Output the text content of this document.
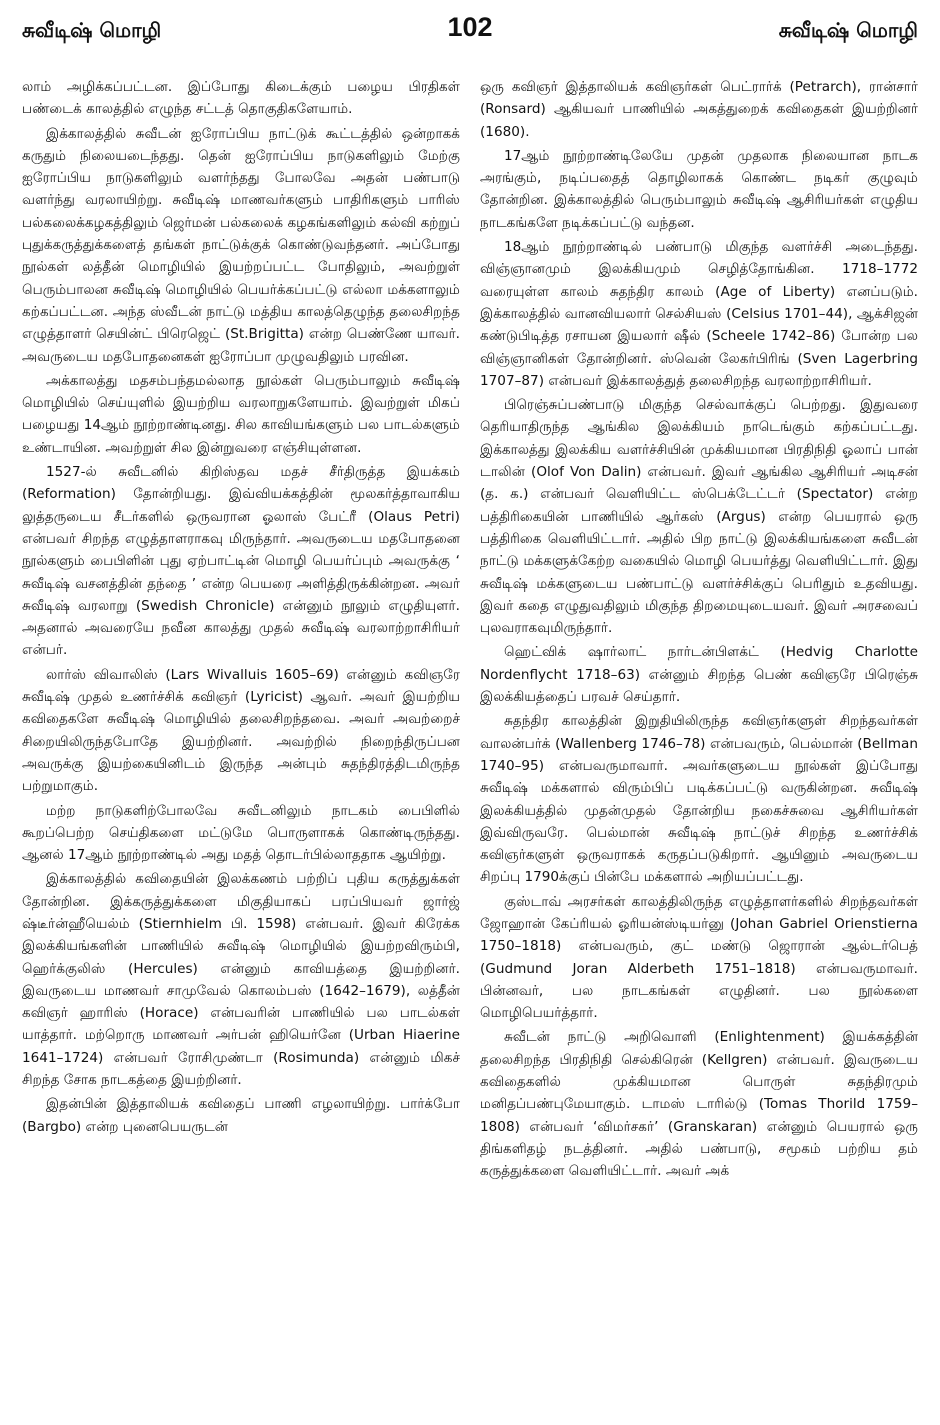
சுவீடிஷ் மொழி	102	சுவீடிஷ் மொழி

லாம் அழிக்கப்பட்டன. இப்போது கிடைக்கும் பழைய பிரதிகள் பண்டைக் காலத்தில் எழுந்த சட்டத் தொகுதிகளேயாம்.

இக்காலத்தில் சுவீடன் ஐரோப்பிய நாட்டுக் கூட்டத்தில் ஒன்றாகக் கருதும் நிலையடைந்தது. தென் ஐரோப்பிய நாடுகளிலும் மேற்கு ஐரோப்பிய நாடுகளிலும் வளர்ந்தது போலவே அதன் பண்பாடு வளர்ந்து வரலாயிற்று. சுவீடிஷ் மாணவர்களும் பாதிரிகளும் பாரிஸ் பல்கலைக்கழகத்திலும் ஜெர்மன் பல்கலைக் கழகங்களிலும் கல்வி கற்றுப் புதுக்கருத்துக்களைத் தங்கள் நாட்டுக்குக் கொண்டுவந்தனர். அப்போது நூல்கள் லத்தீன் மொழியில் இயற்றப்பட்ட போதிலும், அவற்றுள் பெரும்பாலன சுவீடிஷ் மொழியில் பெயர்க்கப்பட்டு எல்லா மக்களாலும் கற்கப்பட்டன. அந்த ஸ்வீடன் நாட்டு மத்திய காலத்தெழுந்த தலைசிறந்த எழுத்தாளர் செயின்ட் பிரெஜெட் (St.Brigitta) என்ற பெண்ணே யாவர். அவருடைய மதபோதனைகள் ஐரோப்பா முழுவதிலும் பரவின.

அக்காலத்து மதசம்பந்தமல்லாத நூல்கள் பெரும்பாலும் சுவீடிஷ் மொழியில் செய்யுளில் இயற்றிய வரலாறுகளேயாம். இவற்றுள் மிகப் பழையது 14ஆம் நூற்றாண்டினது. சில காவியங்களும் பல பாடல்களும் உண்டாயின. அவற்றுள் சில இன்றுவரை எஞ்சியுள்ளன.

1527-ல் சுவீடனில் கிறிஸ்தவ மதச் சீர்திருத்த இயக்கம் (Reformation) தோன்றியது. இவ்வியக்கத்தின் மூலகர்த்தாவாகிய லுத்தருடைய சீடர்களில் ஒருவரான ஓலாஸ் பேட்ரீ (Olaus Petri) என்பவர் சிறந்த எழுத்தாளராகவு மிருந்தார். அவருடைய மதபோதனை நூல்களும் பைபிளின் புது ஏற்பாட்டின் மொழி பெயர்ப்பும் அவருக்கு ‘ சுவீடிஷ் வசனத்தின் தந்தை ’ என்ற பெயரை அளித்திருக்கின்றன. அவர் சுவீடிஷ் வரலாறு (Swedish Chronicle) என்னும் நூலும் எழுதியுளர். அதனால் அவரையே நவீன காலத்து முதல் சுவீடிஷ் வரலாற்றாசிரியர் என்பர்.

லார்ஸ் விவாலிஸ் (Lars Wivalluis 1605–69) என்னும் கவிஞரே சுவீடிஷ் முதல் உணர்ச்சிக் கவிஞர் (Lyricist) ஆவர். அவர் இயற்றிய கவிதைகளே சுவீடிஷ் மொழியில் தலைசிறந்தவை. அவர் அவற்றைச் சிறையிலிருந்தபோதே இயற்றினர். அவற்றில் நிறைந்திருப்பன அவருக்கு இயற்கையினிடம் இருந்த அன்பும் சுதந்திரத்திடமிருந்த பற்றுமாகும்.

மற்ற நாடுகளிற்போலவே சுவீடனிலும் நாடகம் பைபிளில் கூறப்பெற்ற செய்திகளை மட்டுமே பொருளாகக் கொண்டிருந்தது. ஆனல் 17ஆம் நூற்றாண்டில் அது மதத் தொடர்பில்லாததாக ஆயிற்று.

இக்காலத்தில் கவிதையின் இலக்கணம் பற்றிப் புதிய கருத்துக்கள் தோன்றின. இக்கருத்துக்களை மிகுதியாகப் பரப்பியவர் ஜார்ஜ் ஷ்டீர்ன்ஹீயெல்ம் (Stiernhielm பி. 1598) என்பவர். இவர் கிரேக்க இலக்கியங்களின் பாணியில் சுவீடிஷ் மொழியில் இயற்றவிரும்பி, ஹெர்க்குலிஸ் (Hercules) என்னும் காவியத்தை இயற்றினர். இவருடைய மாணவர் சாமுவேல் கொலம்பஸ் (1642–1679), லத்தீன் கவிஞர் ஹாரிஸ் (Horace) என்பவரின் பாணியில் பல பாடல்கள் யாத்தார். மற்றொரு மாணவர் அர்பன் ஹியெர்னே (Urban Hiaerine 1641–1724) என்பவர் ரோசிமுண்டா (Rosimunda) என்னும் மிகச் சிறந்த சோக நாடகத்தை இயற்றினர்.

இதன்பின் இத்தாலியக் கவிதைப் பாணி எழலாயிற்று. பார்க்போ (Bargbo) என்ற புனைபெயருடன்

ஒரு கவிஞர் இத்தாலியக் கவிஞர்கள் பெட்ரார்க் (Petrarch), ரான்சார் (Ronsard) ஆகியவர் பாணியில் அகத்துறைக் கவிதைகள் இயற்றினர் (1680).

17ஆம் நூற்றாண்டிலேயே முதன் முதலாக நிலையான நாடக அரங்கும், நடிப்பதைத் தொழிலாகக் கொண்ட நடிகர் குழுவும் தோன்றின. இக்காலத்தில் பெரும்பாலும் சுவீடிஷ் ஆசிரியர்கள் எழுதிய நாடகங்களே நடிக்கப்பட்டு வந்தன.

18ஆம் நூற்றாண்டில் பண்பாடு மிகுந்த வளர்ச்சி அடைந்தது. விஞ்ஞானமும் இலக்கியமும் செழித்தோங்கின. 1718–1772 வரையுள்ள காலம் சுதந்திர காலம் (Age of Liberty) எனப்படும். இக்காலத்தில் வானவியலார் செல்சியஸ் (Celsius 1701–44), ஆக்சிஜன் கண்டுபிடித்த ரசாயன இயலார் ஷீல் (Scheele 1742–86) போன்ற பல விஞ்ஞானிகள் தோன்றினர். ஸ்வென் லேகர்பிரிங் (Sven Lagerbring 1707–87) என்பவர் இக்காலத்துத் தலைசிறந்த வரலாற்றாசிரியர்.

பிரெஞ்சுப்பண்பாடு மிகுந்த செல்வாக்குப் பெற்றது. இதுவரை தெரியாதிருந்த ஆங்கில இலக்கியம் நாடெங்கும் கற்கப்பட்டது. இக்காலத்து இலக்கிய வளர்ச்சியின் முக்கியமான பிரதிநிதி ஓலாப் பான் டாலின் (Olof Von Dalin) என்பவர். இவர் ஆங்கில ஆசிரியர் அடிசன் (த. க.) என்பவர் வெளியிட்ட ஸ்பெக்டேட்டர் (Spectator) என்ற பத்திரிகையின் பாணியில் ஆர்கஸ் (Argus) என்ற பெயரால் ஒரு பத்திரிகை வெளியிட்டார். அதில் பிற நாட்டு இலக்கியங்களை சுவீடன் நாட்டு மக்களுக்கேற்ற வகையில் மொழி பெயர்த்து வெளியிட்டார். இது சுவீடிஷ் மக்களுடைய பண்பாட்டு வளர்ச்சிக்குப் பெரிதும் உதவியது. இவர் கதை எழுதுவதிலும் மிகுந்த திறமையுடையவர். இவர் அரசவைப் புலவராகவுமிருந்தார்.

ஹெட்விக் ஷார்லாட் நார்டன்பிளக்ட் (Hedvig Charlotte Nordenflycht 1718–63) என்னும் சிறந்த பெண் கவிஞரே பிரெஞ்சு இலக்கியத்தைப் பரவச் செய்தார்.

சுதந்திர காலத்தின் இறுதியிலிருந்த கவிஞர்களுள் சிறந்தவர்கள் வாலன்பர்க் (Wallenberg 1746–78) என்பவரும், பெல்மான் (Bellman 1740–95) என்பவருமாவார். அவர்களுடைய நூல்கள் இப்போது சுவீடிஷ் மக்களால் விரும்பிப் படிக்கப்பட்டு வருகின்றன. சுவீடிஷ் இலக்கியத்தில் முதன்முதல் தோன்றிய நகைச்சுவை ஆசிரியர்கள் இவ்விருவரே. பெல்மான் சுவீடிஷ் நாட்டுச் சிறந்த உணர்ச்சிக் கவிஞர்களுள் ஒருவராகக் கருதப்படுகிறார். ஆயினும் அவருடைய சிறப்பு 1790க்குப் பின்பே மக்களால் அறியப்பட்டது.

குஸ்டாவ் அரசர்கள் காலத்திலிருந்த எழுத்தாளர்களில் சிறந்தவர்கள் ஜோஹான் கேப்ரியல் ஓரியன்ஸ்டியர்னு (Johan Gabriel Orienstierna 1750–1818) என்பவரும், குட் மண்டு ஜொரான் ஆல்டர்பெத் (Gudmund Joran Alderbeth 1751–1818) என்பவருமாவர். பின்னவர், பல நாடகங்கள் எழுதினர். பல நூல்களை மொழிபெயர்த்தார்.

சுவீடன் நாட்டு அறிவொளி (Enlightenment) இயக்கத்தின் தலைசிறந்த பிரதிநிதி செல்கிரென் (Kellgren) என்பவர். இவருடைய கவிதைகளில் முக்கியமான பொருள் சுதந்திரமும் மனிதப்பண்புமேயாகும். டாமஸ் டாரில்டு (Tomas Thorild 1759–1808) என்பவர் ‘விமர்சகர்’ (Granskaran) என்னும் பெயரால் ஒரு திங்களிதழ் நடத்தினர். அதில் பண்பாடு, சமூகம் பற்றிய தம் கருத்துக்களை வெளியிட்டார். அவர் அக்
